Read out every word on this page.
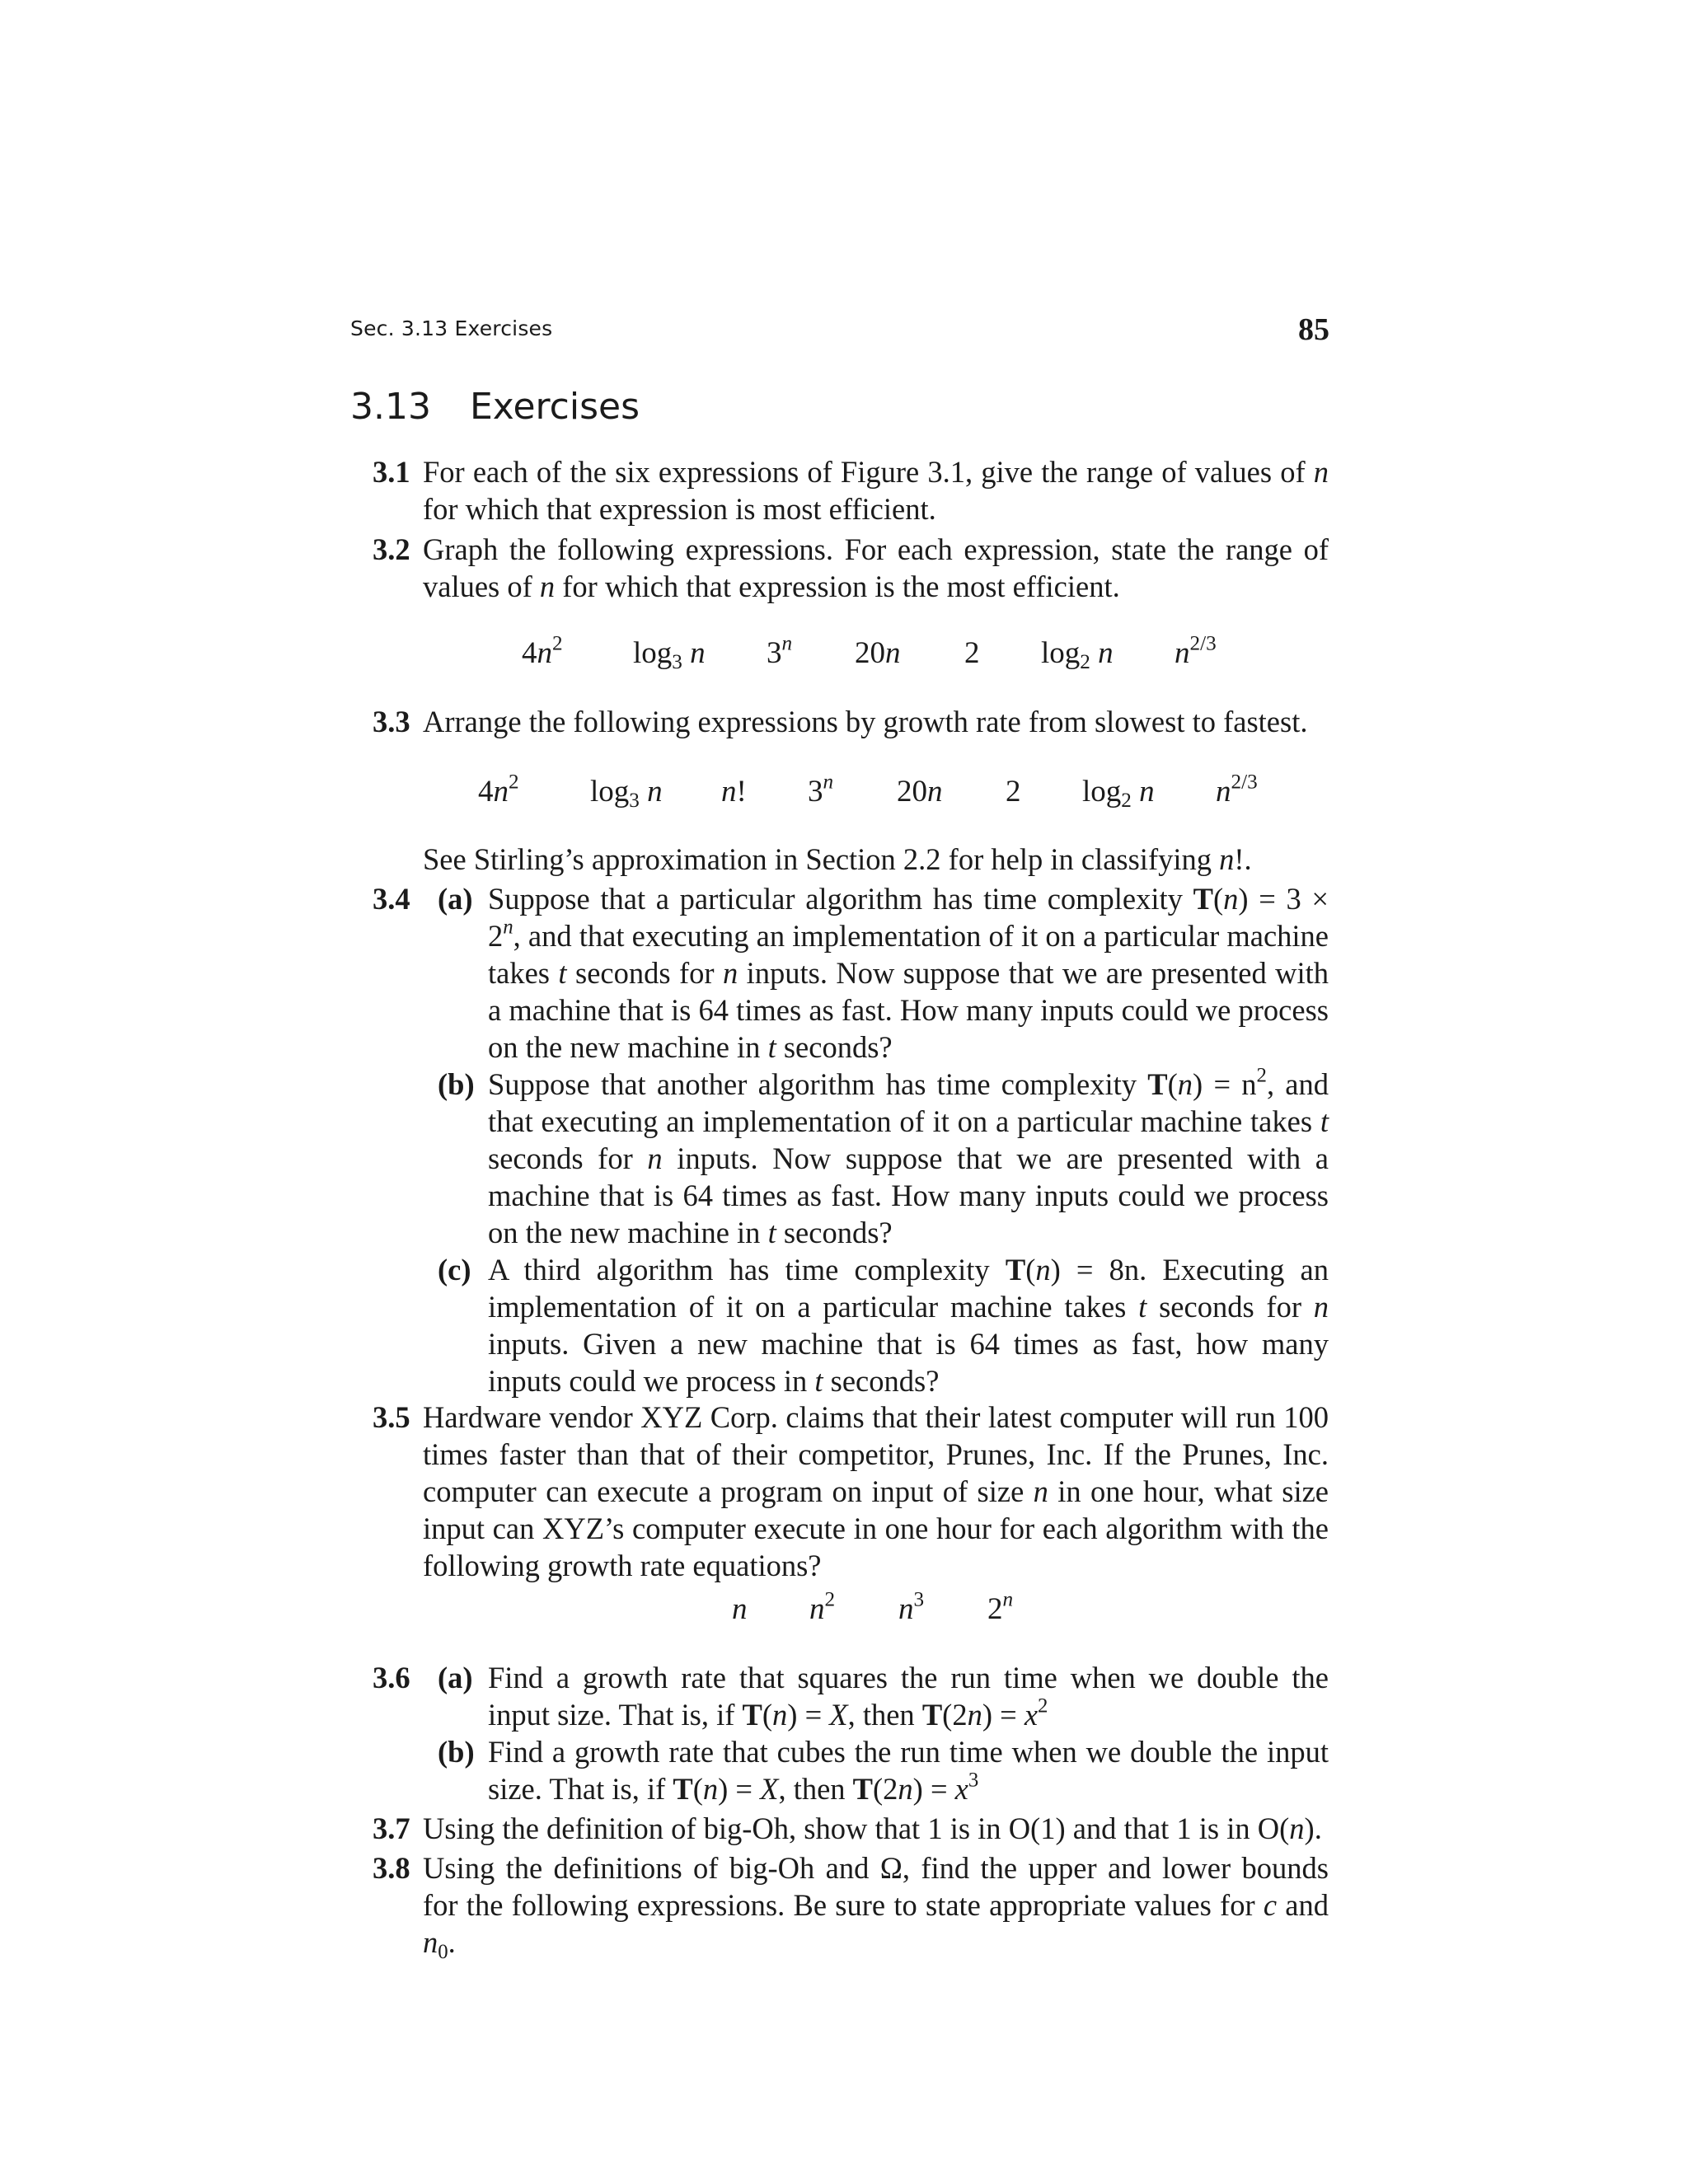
Sec. 3.13 Exercises	85
3.13 Exercises
3.1 For each of the six expressions of Figure 3.1, give the range of values of n for which that expression is most efficient.
3.2 Graph the following expressions. For each expression, state the range of values of n for which that expression is the most efficient.
$4n^2$ $\log_3 n$ 3$^n$ 20n 2 $\log_2 n$ $n^{2/3}$
3.3 Arrange the following expressions by growth rate from slowest to fastest.
$4n^2$ $\log_3 n$ n! 3$^n$ 20n 2 $\log_2 n$ $n^{2/3}$
See Stirling’s approximation in Section 2.2 for help in classifying n!.
3.4 (a) Suppose that a particular algorithm has time complexity $T(n) = 3 \times 2^n$, and that executing an implementation of it on a particular machine takes t seconds for n inputs. Now suppose that we are presented with a machine that is 64 times as fast. How many inputs could we process on the new machine in t seconds?
(b) Suppose that another algorithm has time complexity $T(n) = n^2$, and that executing an implementation of it on a particular machine takes t seconds for n inputs. Now suppose that we are presented with a machine that is 64 times as fast. How many inputs could we process on the new machine in t seconds?
(c) A third algorithm has time complexity T(n) = 8n. Executing an implementation of it on a particular machine takes t seconds for n inputs. Given a new machine that is 64 times as fast, how many inputs could we process in t seconds?
3.5 Hardware vendor XYZ Corp. claims that their latest computer will run 100 times faster than that of their competitor, Prunes, Inc. If the Prunes, Inc. computer can execute a program on input of size n in one hour, what size input can XYZ’s computer execute in one hour for each algorithm with the following growth rate equations?
n $n^2$ $n^3$ 2$^n$
3.6 (a) Find a growth rate that squares the run time when we double the input size. That is, if T(n) = X, then $T(2n) = x^2$
(b) Find a growth rate that cubes the run time when we double the input size. That is, if T(n) = X, then $T(2n) = x^3$
3.7 Using the definition of big-Oh, show that 1 is in O(1) and that 1 is in O(n).
3.8 Using the definitions of big-Oh and Ω, find the upper and lower bounds for the following expressions. Be sure to state appropriate values for c and $n_0$.
